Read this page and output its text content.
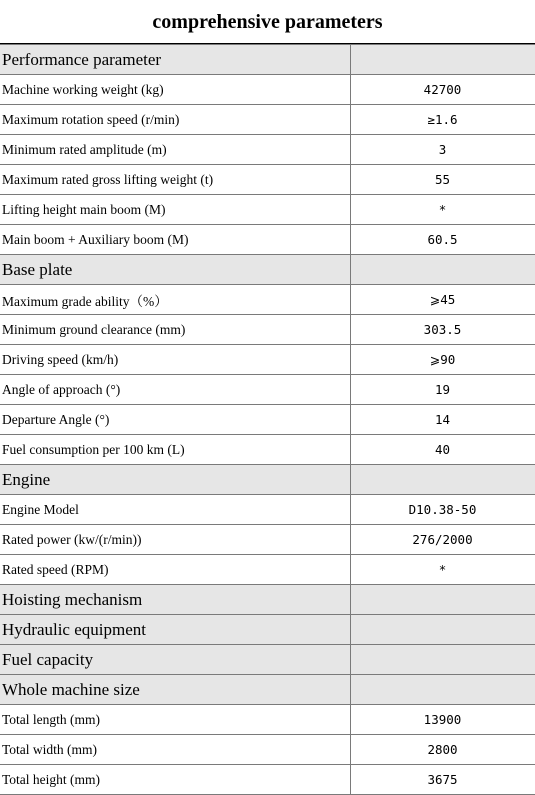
comprehensive parameters
Performance parameter	
Machine working weight (kg)	42700
Maximum rotation speed (r/min)	≥1.6
Minimum rated amplitude (m)	3
Maximum rated gross lifting weight (t)	55
Lifting height main boom (M)	*
Main boom + Auxiliary boom (M)	60.5
Base plate	
Maximum grade ability（%）	⩾45
Minimum ground clearance (mm)	303.5
Driving speed (km/h)	⩾90
Angle of approach (°)	19
Departure Angle (°)	14
Fuel consumption per 100 km (L)	40
Engine	
Engine Model	D10.38-50
Rated power (kw/(r/min))	276/2000
Rated speed (RPM)	*
Hoisting mechanism	
Hydraulic equipment	
Fuel capacity	
Whole machine size	
Total length (mm)	13900
Total width (mm)	2800
Total height (mm)	3675
